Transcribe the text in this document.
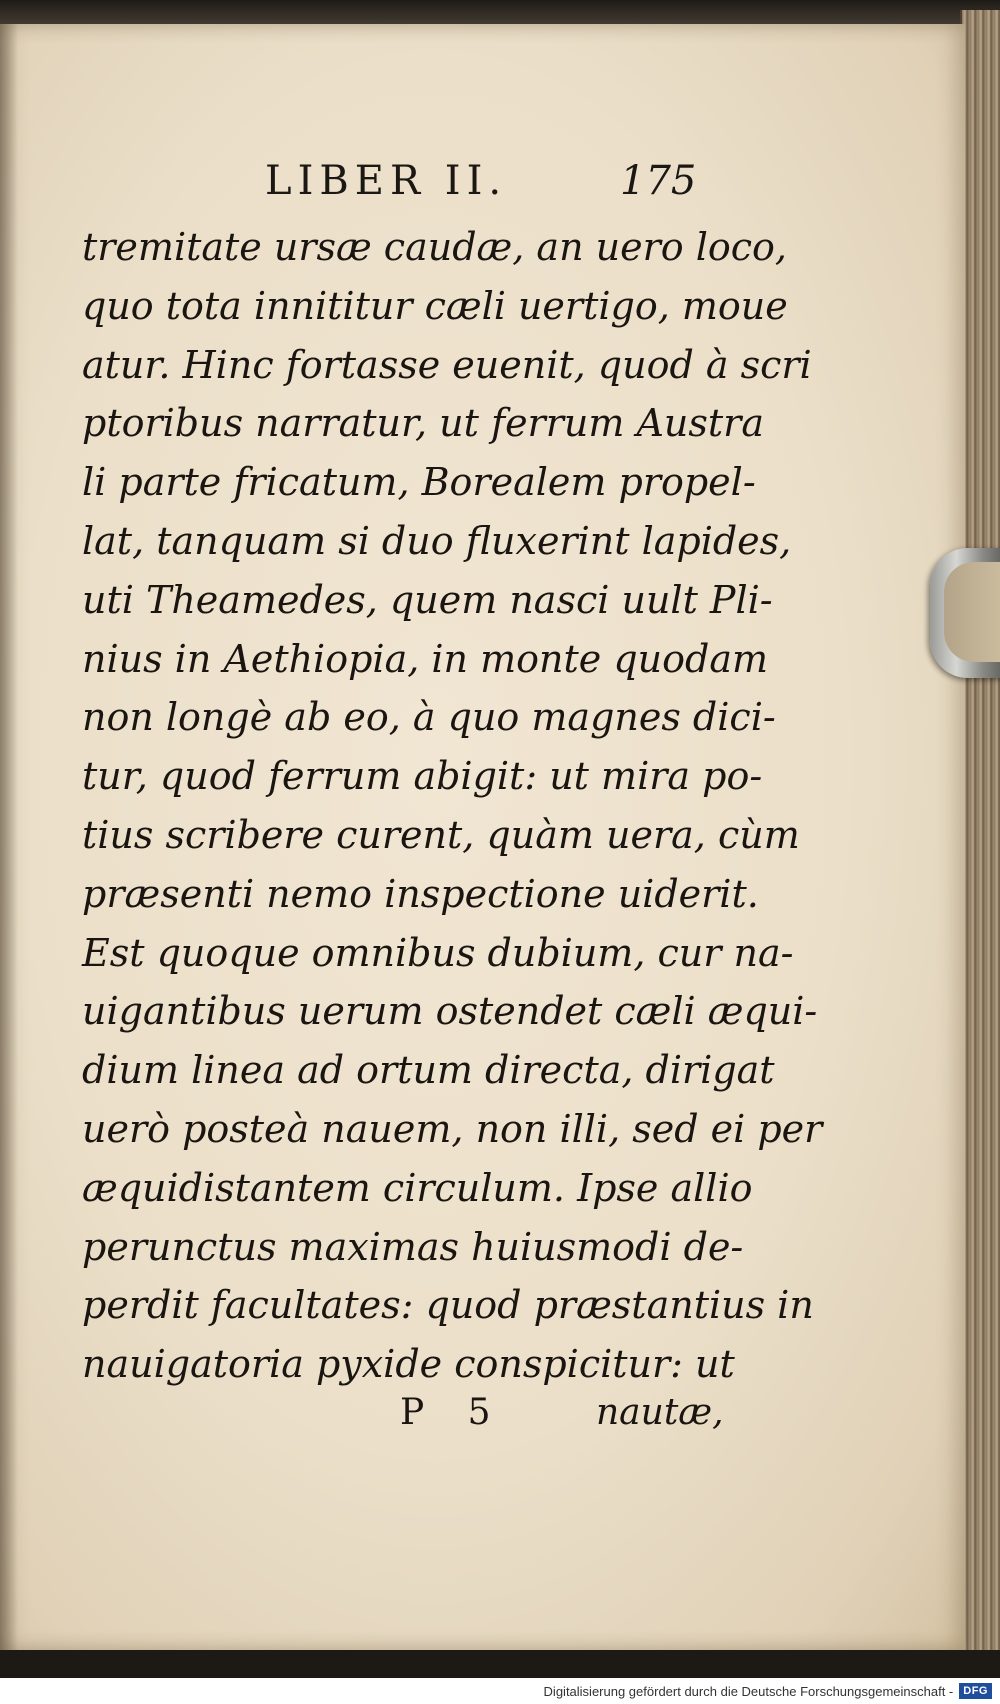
LIBER II.	175
tremitate ursæ caudæ, an uero loco,
quo tota innititur cæli uertigo, moue
atur. Hinc fortasse euenit, quod à scri
ptoribus narratur, ut ferrum Austra
li parte fricatum, Borealem propel-
lat, tanquam si duo fluxerint lapides,
uti Theamedes, quem nasci uult Pli-
nius in Aethiopia, in monte quodam
non longè ab eo, à quo magnes dici-
tur, quod ferrum abigit: ut mira po-
tius scribere curent, quàm uera, cùm
præsenti nemo inspectione uiderit.
Est quoque omnibus dubium, cur na-
uigantibus uerum ostendet cæli æqui-
dium linea ad ortum directa, dirigat
uerò posteà nauem, non illi, sed ei per
æquidistantem circulum. Ipse allio
perunctus maximas huiusmodi de-
perdit facultates: quod præstantius in
nauigatoria pyxide conspicitur: ut
P 5 nautæ,
Digitalisierung gefördert durch die Deutsche Forschungsgemeinschaft - DFG
